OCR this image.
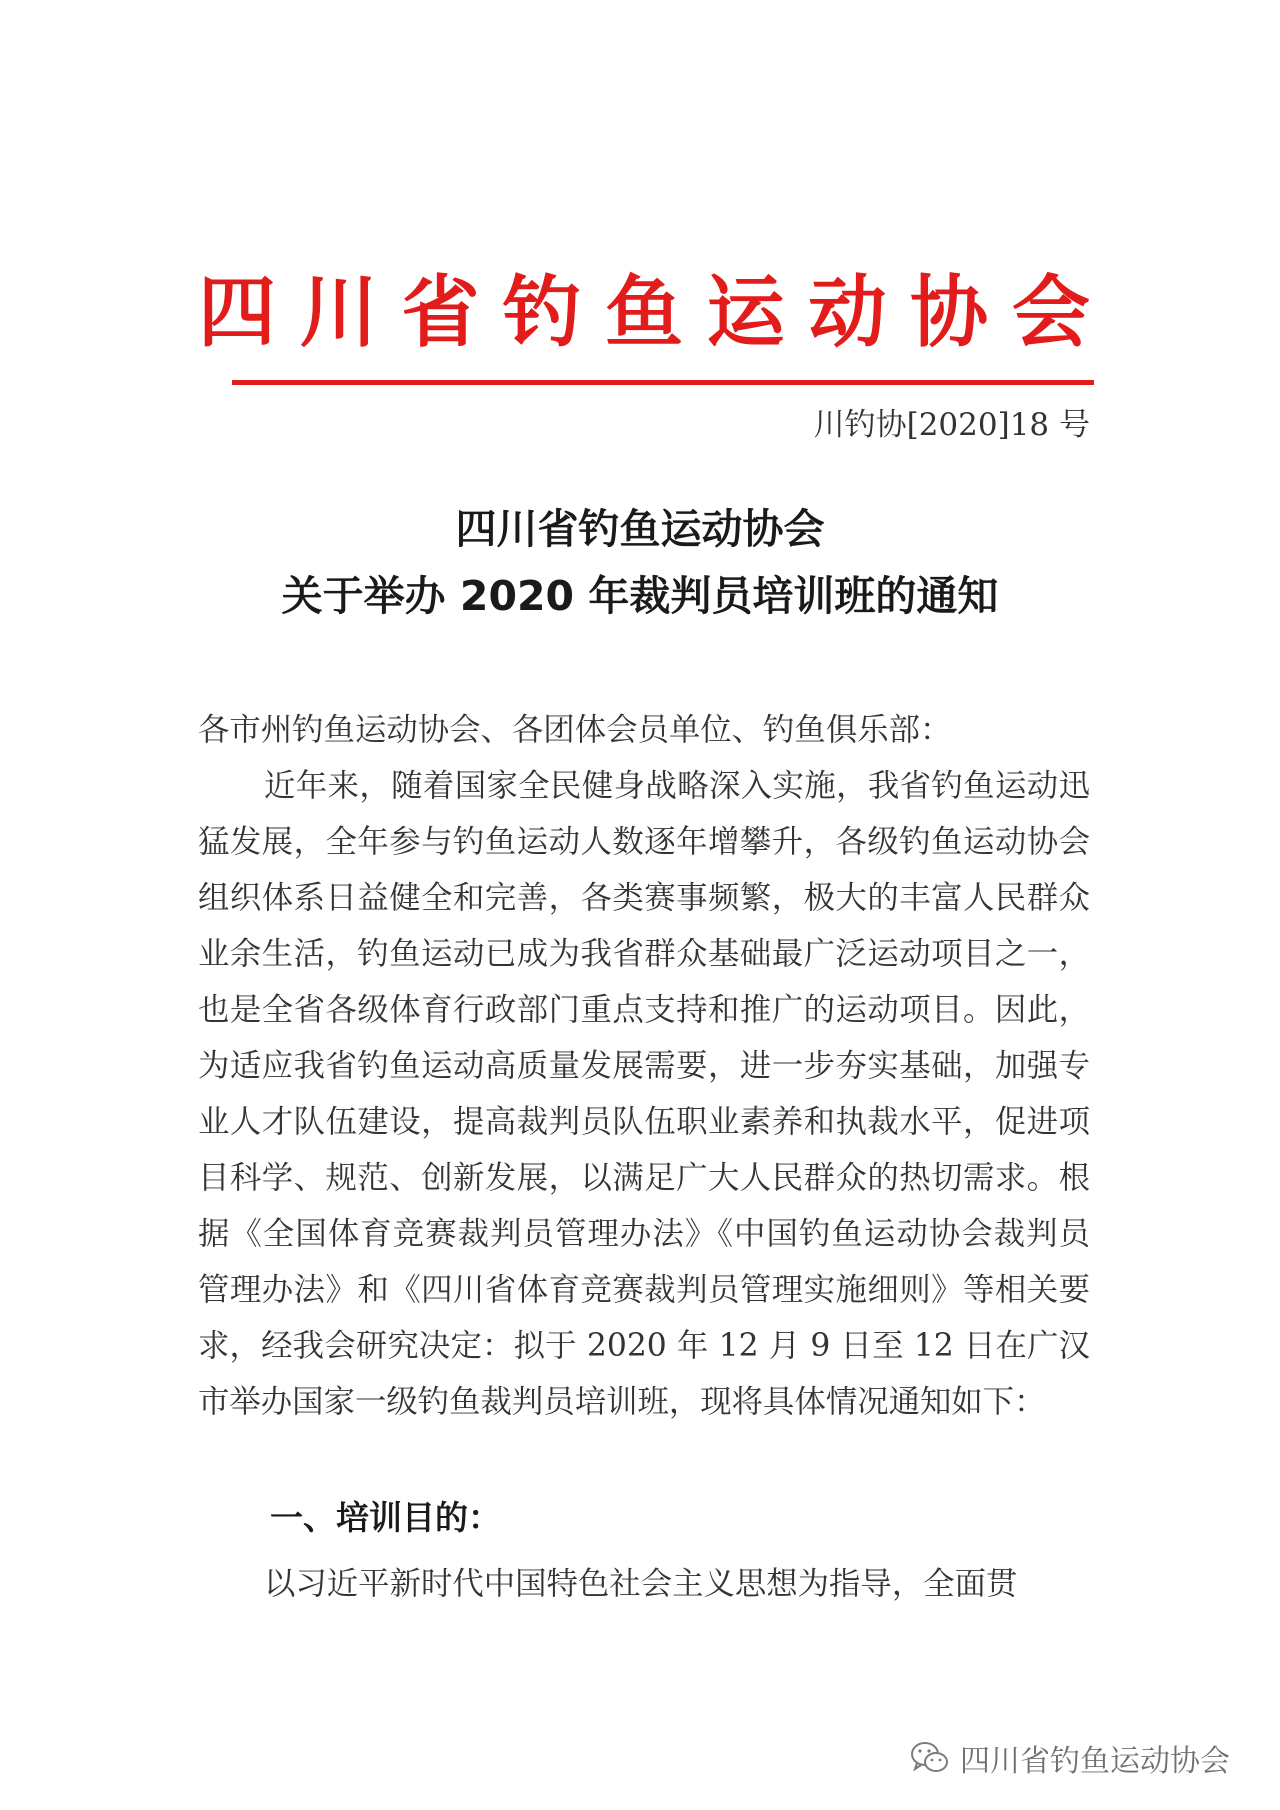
四 川 省 钓 鱼 运 动 协 会
川钓协[2020]18 号
四川省钓鱼运动协会
关于举办 2020 年裁判员培训班的通知
各市州钓鱼运动协会、各团体会员单位、钓鱼俱乐部：
近年来，随着国家全民健身战略深入实施，我省钓鱼运动迅猛发展，全年参与钓鱼运动人数逐年增攀升，各级钓鱼运动协会组织体系日益健全和完善，各类赛事频繁，极大的丰富人民群众业余生活，钓鱼运动已成为我省群众基础最广泛运动项目之一，也是全省各级体育行政部门重点支持和推广的运动项目。因此，为适应我省钓鱼运动高质量发展需要，进一步夯实基础，加强专业人才队伍建设，提高裁判员队伍职业素养和执裁水平，促进项目科学、规范、创新发展，以满足广大人民群众的热切需求。根据《全国体育竞赛裁判员管理办法》《中国钓鱼运动协会裁判员管理办法》和《四川省体育竞赛裁判员管理实施细则》等相关要求，经我会研究决定：拟于 2020 年 12 月 9 日至 12 日在广汉市举办国家一级钓鱼裁判员培训班，现将具体情况通知如下：
一、培训目的：
以习近平新时代中国特色社会主义思想为指导，全面贯
四川省钓鱼运动协会
